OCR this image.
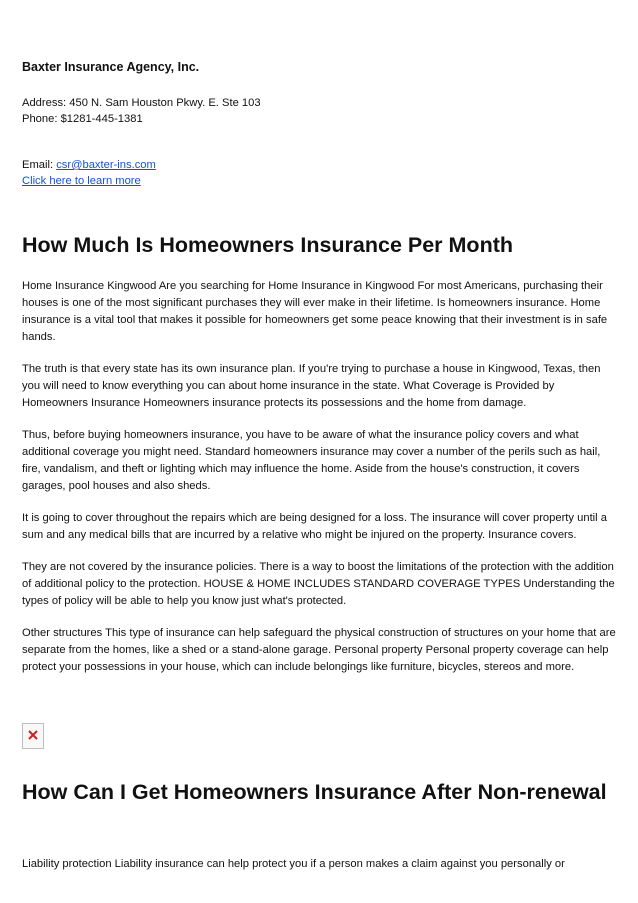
Baxter Insurance Agency, Inc.
Address: 450 N. Sam Houston Pkwy. E. Ste 103
Phone: $1281-445-1381
Email: csr@baxter-ins.com
Click here to learn more
How Much Is Homeowners Insurance Per Month

Home Insurance Kingwood Are you searching for Home Insurance in Kingwood For most Americans, purchasing their houses is one of the most significant purchases they will ever make in their lifetime. Is homeowners insurance. Home insurance is a vital tool that makes it possible for homeowners get some peace knowing that their investment is in safe hands.

The truth is that every state has its own insurance plan. If you're trying to purchase a house in Kingwood, Texas, then you will need to know everything you can about home insurance in the state. What Coverage is Provided by Homeowners Insurance Homeowners insurance protects its possessions and the home from damage.

Thus, before buying homeowners insurance, you have to be aware of what the insurance policy covers and what additional coverage you might need. Standard homeowners insurance may cover a number of the perils such as hail, fire, vandalism, and theft or lighting which may influence the home. Aside from the house's construction, it covers garages, pool houses and also sheds.

It is going to cover throughout the repairs which are being designed for a loss. The insurance will cover property until a sum and any medical bills that are incurred by a relative who might be injured on the property. Insurance covers.

They are not covered by the insurance policies. There is a way to boost the limitations of the protection with the addition of additional policy to the protection. HOUSE & HOME INCLUDES STANDARD COVERAGE TYPES Understanding the types of policy will be able to help you know just what's protected.

Other structures This type of insurance can help safeguard the physical construction of structures on your home that are separate from the homes, like a shed or a stand-alone garage. Personal property Personal property coverage can help protect your possessions in your house, which can include belongings like furniture, bicycles, stereos and more.

How Can I Get Homeowners Insurance After Non-renewal

Liability protection Liability insurance can help protect you if a person makes a claim against you personally or
